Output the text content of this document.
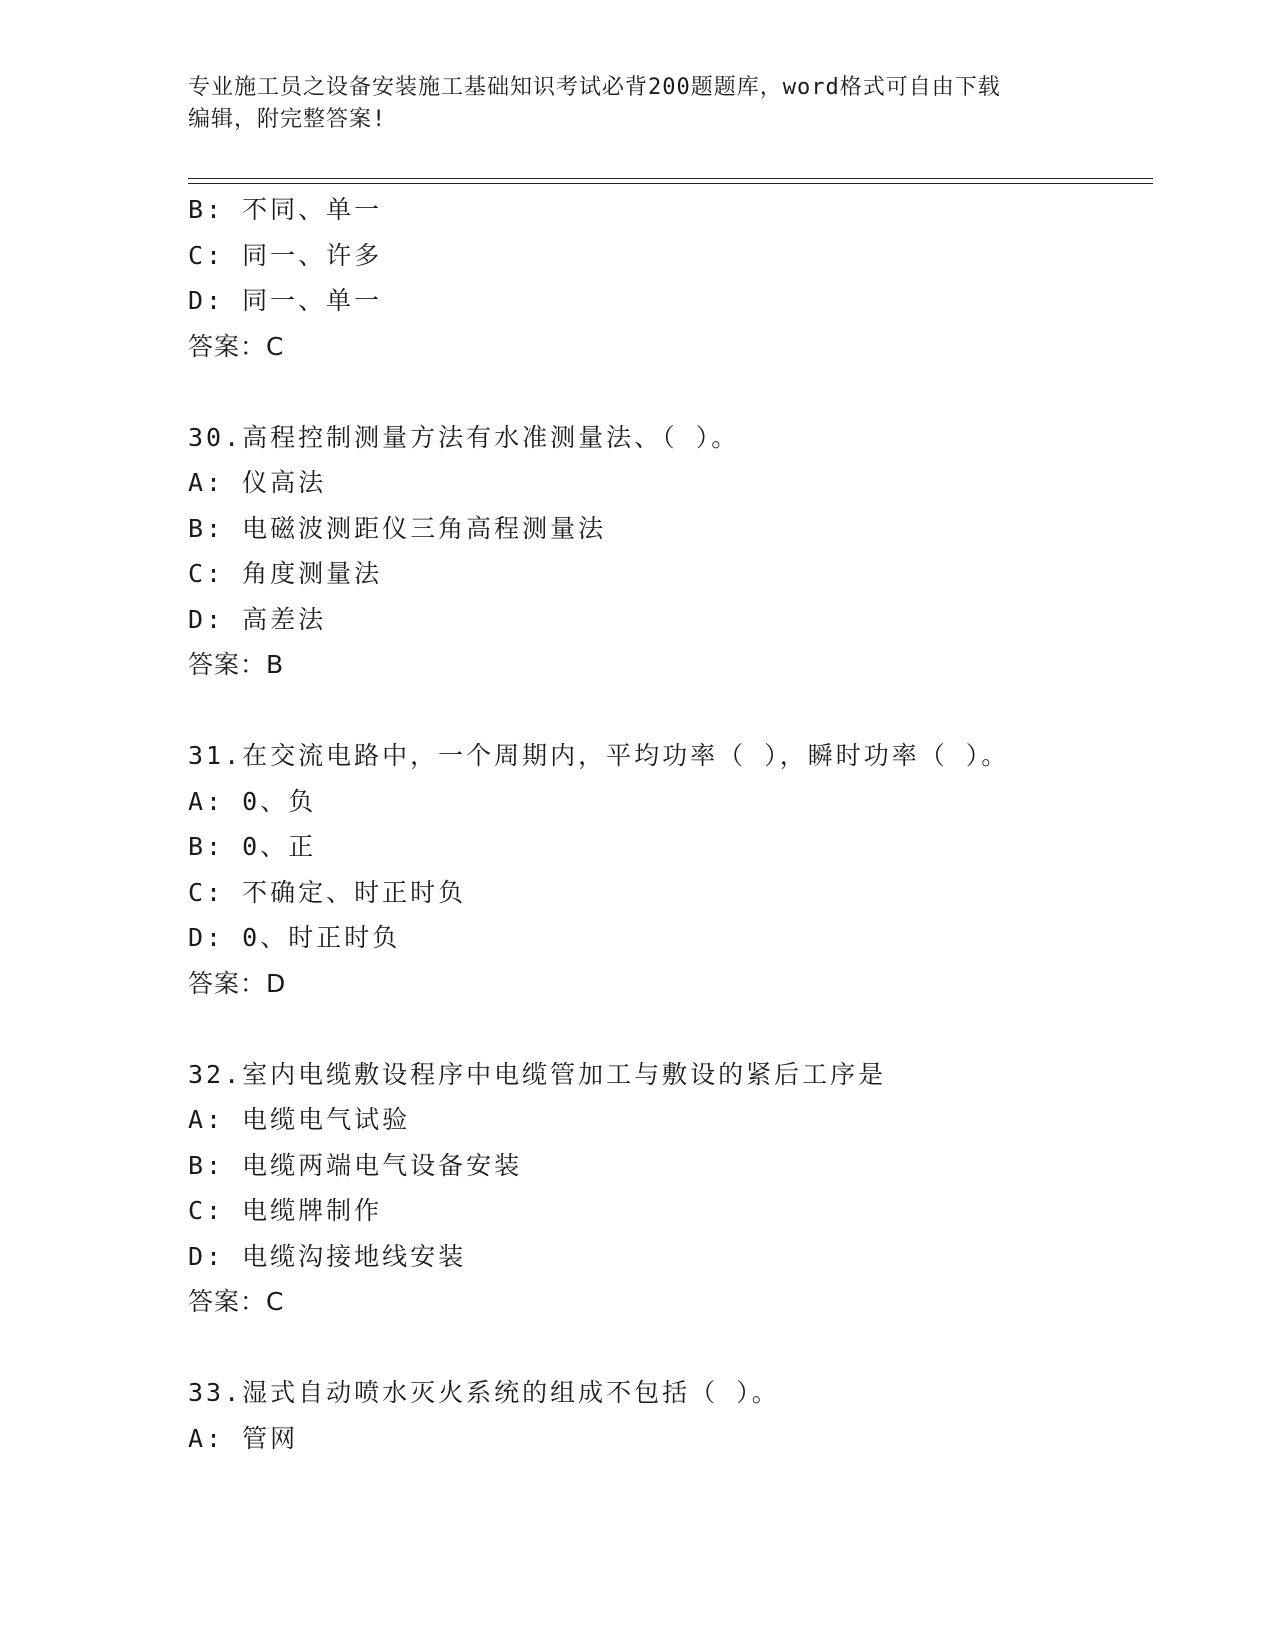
专业施工员之设备安装施工基础知识考试必背200题题库，word格式可自由下载
编辑，附完整答案!
B: 不同、单一
C: 同一、许多
D: 同一、单一
答案：C
30.高程控制测量方法有水准测量法、（ ）。
A: 仪高法
B: 电磁波测距仪三角高程测量法
C: 角度测量法
D: 高差法
答案：B
31.在交流电路中，一个周期内，平均功率（ ），瞬时功率（ ）。
A: 0、负
B: 0、正
C: 不确定、时正时负
D: 0、时正时负
答案：D
32.室内电缆敷设程序中电缆管加工与敷设的紧后工序是
A: 电缆电气试验
B: 电缆两端电气设备安装
C: 电缆牌制作
D: 电缆沟接地线安装
答案：C
33.湿式自动喷水灭火系统的组成不包括（ ）。
A: 管网
